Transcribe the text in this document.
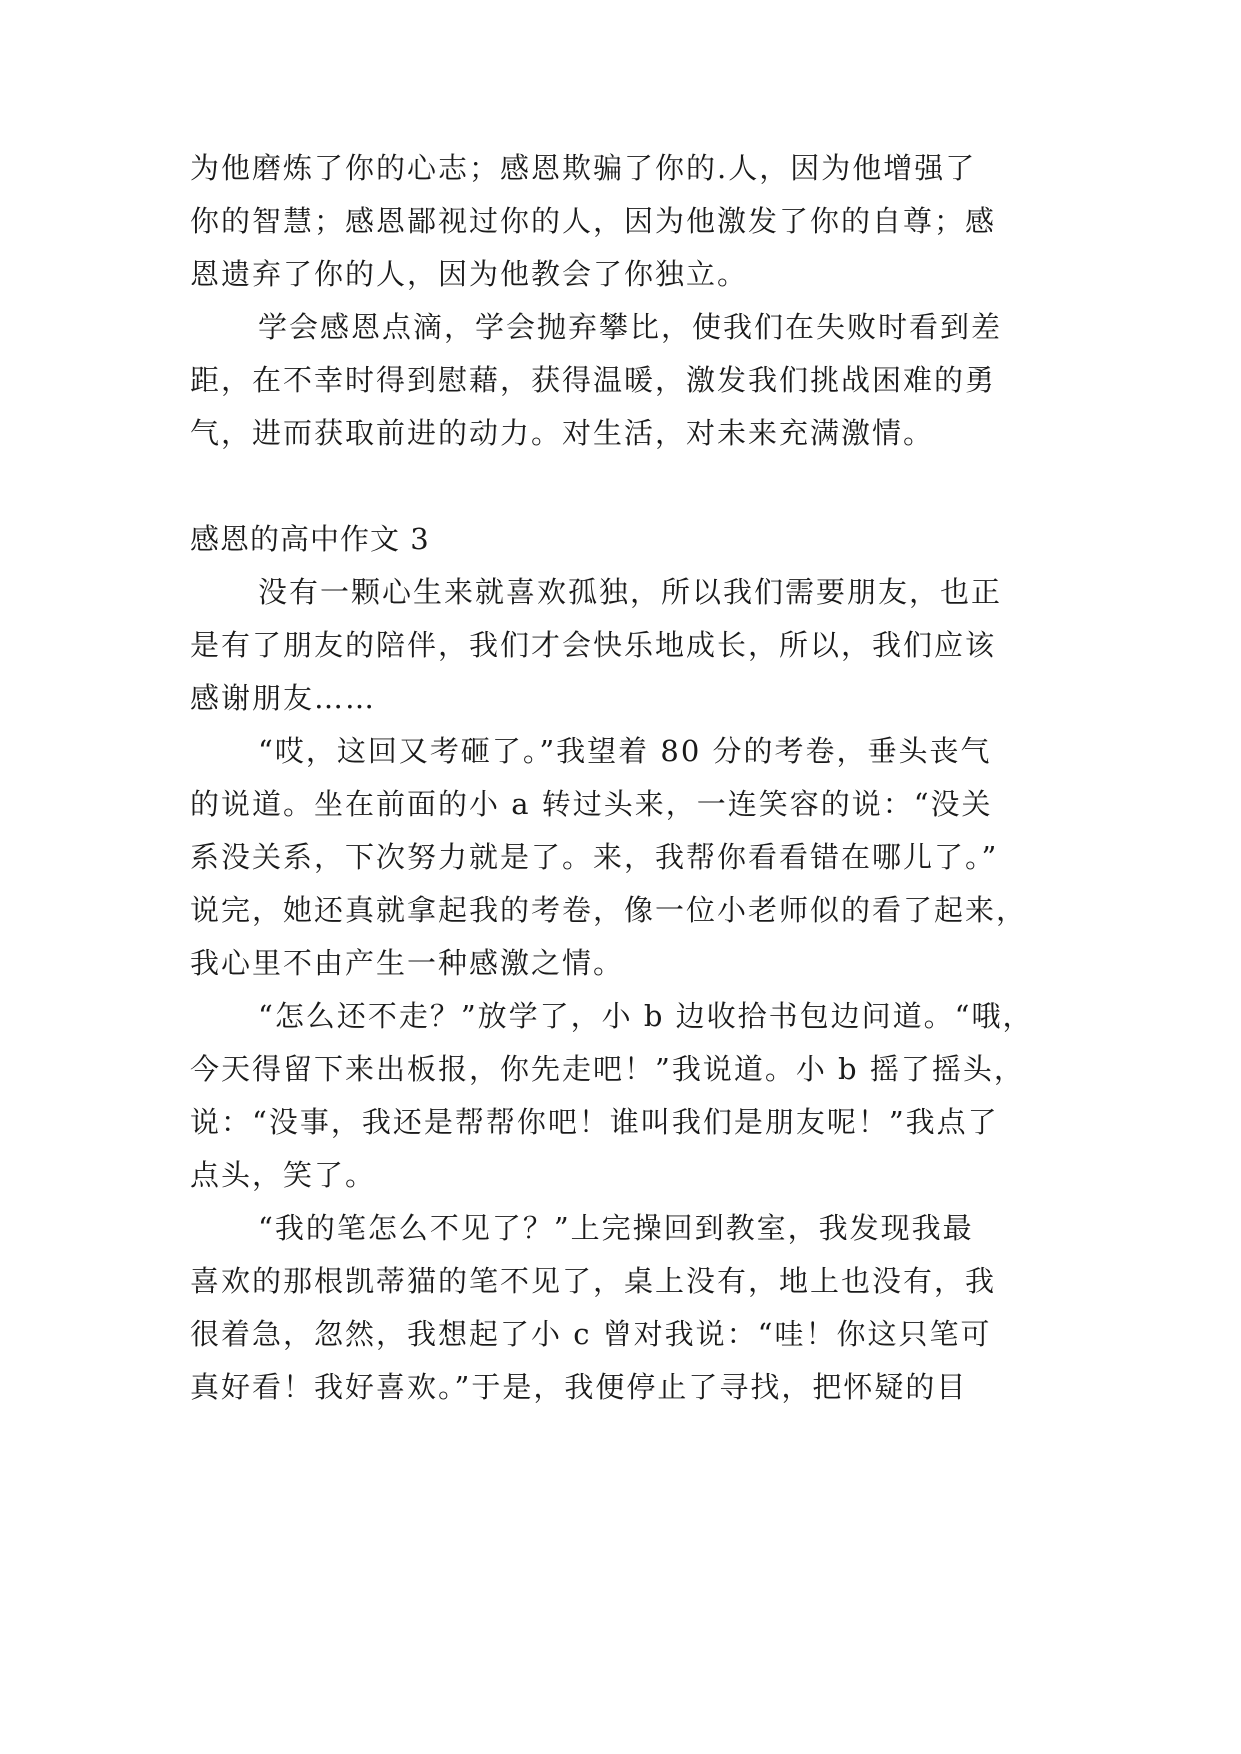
为他磨炼了你的心志；感恩欺骗了你的.人，因为他增强了
你的智慧；感恩鄙视过你的人，因为他激发了你的自尊；感
恩遗弃了你的人，因为他教会了你独立。
学会感恩点滴，学会抛弃攀比，使我们在失败时看到差
距，在不幸时得到慰藉，获得温暖，激发我们挑战困难的勇
气，进而获取前进的动力。对生活，对未来充满激情。
感恩的高中作文 3
没有一颗心生来就喜欢孤独，所以我们需要朋友，也正
是有了朋友的陪伴，我们才会快乐地成长，所以，我们应该
感谢朋友……
“哎，这回又考砸了。”我望着 80 分的考卷，垂头丧气
的说道。坐在前面的小 a 转过头来，一连笑容的说：“没关
系没关系，下次努力就是了。来，我帮你看看错在哪儿了。”
说完，她还真就拿起我的考卷，像一位小老师似的看了起来，
我心里不由产生一种感激之情。
“怎么还不走？”放学了，小 b 边收拾书包边问道。“哦，
今天得留下来出板报，你先走吧！”我说道。小 b 摇了摇头，
说：“没事，我还是帮帮你吧！谁叫我们是朋友呢！”我点了
点头，笑了。
“我的笔怎么不见了？”上完操回到教室，我发现我最
喜欢的那根凯蒂猫的笔不见了，桌上没有，地上也没有，我
很着急，忽然，我想起了小 c 曾对我说：“哇！你这只笔可
真好看！我好喜欢。”于是，我便停止了寻找，把怀疑的目
